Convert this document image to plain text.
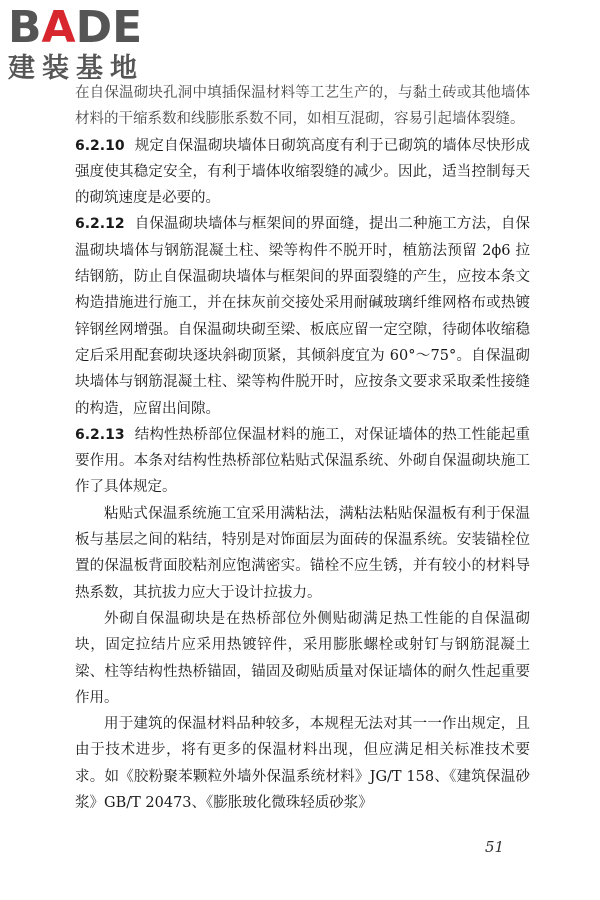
BADE
建装基地

在自保温砌块孔洞中填插保温材料等工艺生产的，与黏土砖或其他墙体材料的干缩系数和线膨胀系数不同，如相互混砌，容易引起墙体裂缝。

6.2.10 规定自保温砌块墙体日砌筑高度有利于已砌筑的墙体尽快形成强度使其稳定安全，有利于墙体收缩裂缝的减少。因此，适当控制每天的砌筑速度是必要的。

6.2.12 自保温砌块墙体与框架间的界面缝，提出二种施工方法，自保温砌块墙体与钢筋混凝土柱、梁等构件不脱开时，植筋法预留 2ϕ6 拉结钢筋，防止自保温砌块墙体与框架间的界面裂缝的产生，应按本条文构造措施进行施工，并在抹灰前交接处采用耐碱玻璃纤维网格布或热镀锌钢丝网增强。自保温砌块砌至梁、板底应留一定空隙，待砌体收缩稳定后采用配套砌块逐块斜砌顶紧，其倾斜度宜为 60°～75°。自保温砌块墙体与钢筋混凝土柱、梁等构件脱开时，应按条文要求采取柔性接缝的构造，应留出间隙。

6.2.13 结构性热桥部位保温材料的施工，对保证墙体的热工性能起重要作用。本条对结构性热桥部位粘贴式保温系统、外砌自保温砌块施工作了具体规定。

粘贴式保温系统施工宜采用满粘法，满粘法粘贴保温板有利于保温板与基层之间的粘结，特别是对饰面层为面砖的保温系统。安装锚栓位置的保温板背面胶粘剂应饱满密实。锚栓不应生锈，并有较小的材料导热系数，其抗拔力应大于设计拉拔力。

外砌自保温砌块是在热桥部位外侧贴砌满足热工性能的自保温砌块，固定拉结片应采用热镀锌件，采用膨胀螺栓或射钉与钢筋混凝土梁、柱等结构性热桥锚固，锚固及砌贴质量对保证墙体的耐久性起重要作用。

用于建筑的保温材料品种较多，本规程无法对其一一作出规定，且由于技术进步，将有更多的保温材料出现，但应满足相关标准技术要求。如《胶粉聚苯颗粒外墙外保温系统材料》JG/T 158、《建筑保温砂浆》GB/T 20473、《膨胀玻化微珠轻质砂浆》

51
